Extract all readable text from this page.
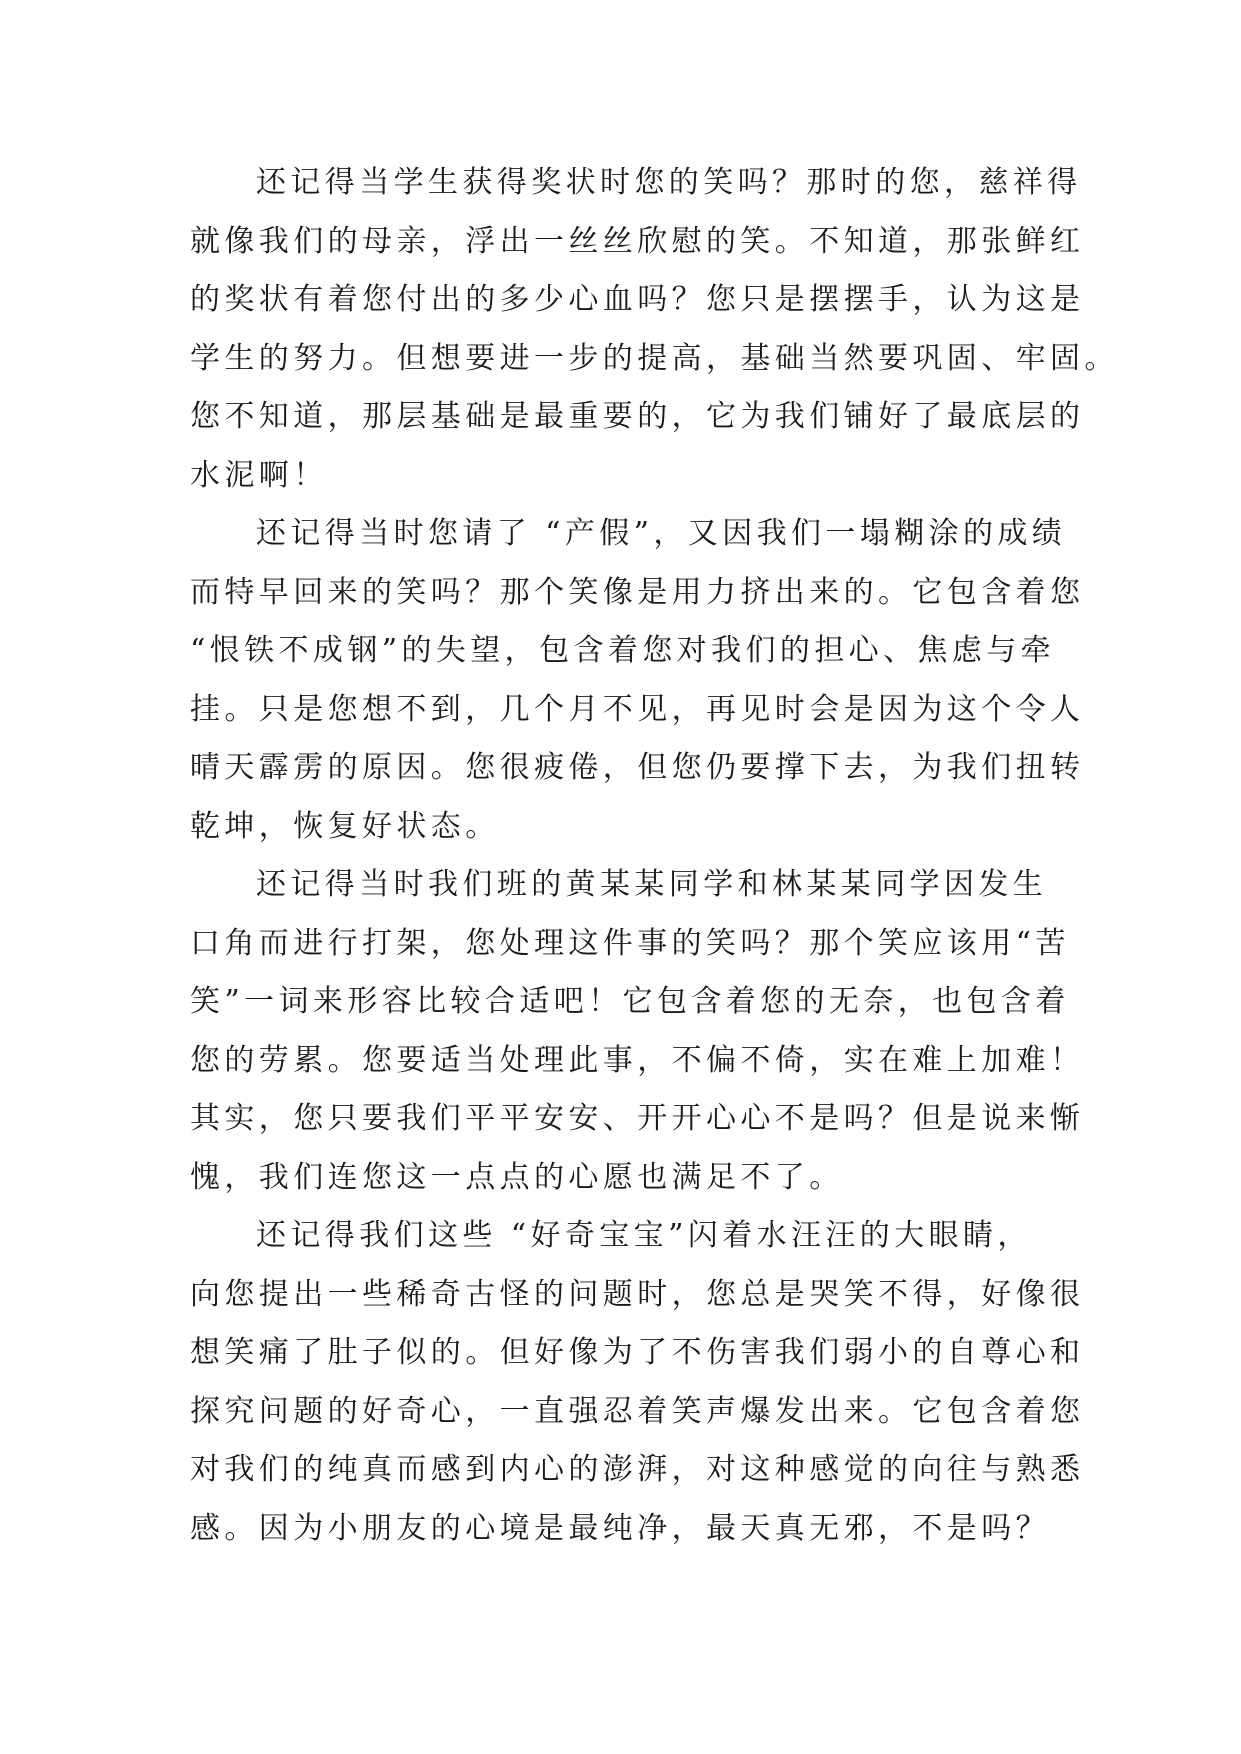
还记得当学生获得奖状时您的笑吗？那时的您，慈祥得
就像我们的母亲，浮出一丝丝欣慰的笑。不知道，那张鲜红
的奖状有着您付出的多少心血吗？您只是摆摆手，认为这是
学生的努力。但想要进一步的提高，基础当然要巩固、牢固。
您不知道，那层基础是最重要的，它为我们铺好了最底层的
水泥啊！
还记得当时您请了 “产假”，又因我们一塌糊涂的成绩
而特早回来的笑吗？那个笑像是用力挤出来的。它包含着您
“恨铁不成钢”的失望，包含着您对我们的担心、焦虑与牵
挂。只是您想不到，几个月不见，再见时会是因为这个令人
晴天霹雳的原因。您很疲倦，但您仍要撑下去，为我们扭转
乾坤，恢复好状态。
还记得当时我们班的黄某某同学和林某某同学因发生
口角而进行打架，您处理这件事的笑吗？那个笑应该用“苦
笑”一词来形容比较合适吧！它包含着您的无奈，也包含着
您的劳累。您要适当处理此事，不偏不倚，实在难上加难！
其实，您只要我们平平安安、开开心心不是吗？但是说来惭
愧，我们连您这一点点的心愿也满足不了。
还记得我们这些 “好奇宝宝”闪着水汪汪的大眼睛，
向您提出一些稀奇古怪的问题时，您总是哭笑不得，好像很
想笑痛了肚子似的。但好像为了不伤害我们弱小的自尊心和
探究问题的好奇心，一直强忍着笑声爆发出来。它包含着您
对我们的纯真而感到内心的澎湃，对这种感觉的向往与熟悉
感。因为小朋友的心境是最纯净，最天真无邪，不是吗？
